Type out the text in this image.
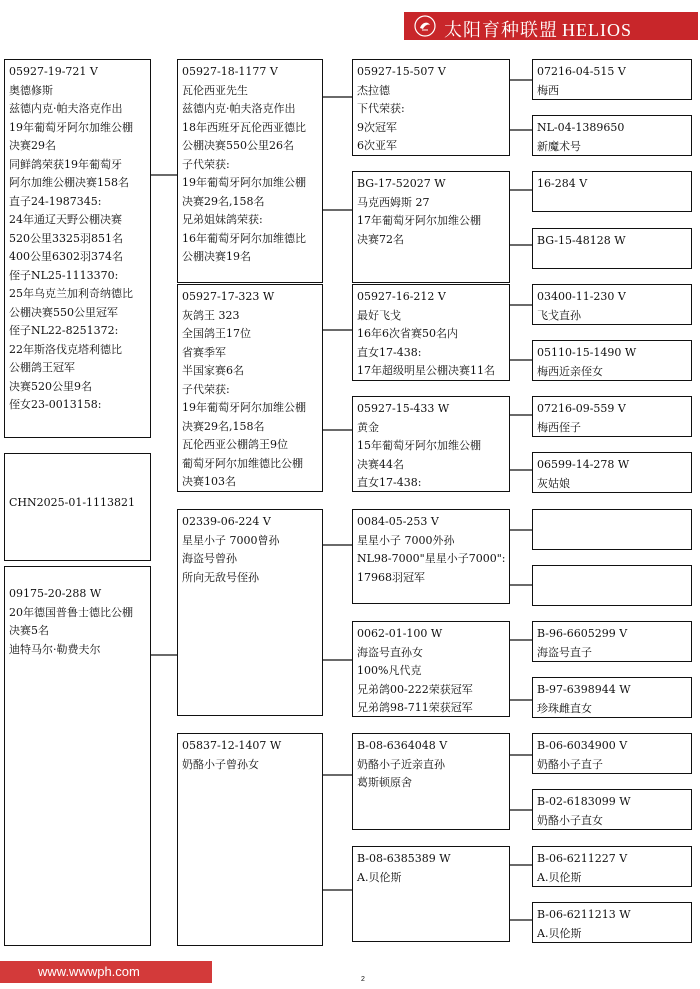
太阳育种联盟 HELIOS
05927-19-721 V
奥德修斯
兹德内克·帕夫洛克作出
19年葡萄牙阿尔加维公棚
决赛29名
同鲜鸽荣获19年葡萄牙
阿尔加维公棚决赛158名
直子24-1987345:
24年通辽天野公棚决赛
520公里3325羽851名
400公里6302羽374名
侄子NL25-1113370:
25年乌克兰加利奇纳德比
公棚决赛550公里冠军
侄子NL22-8251372:
22年斯洛伐克塔利德比
公棚鸽王冠军
决赛520公里9名
侄女23-0013158:
CHN2025-01-1113821
09175-20-288 W
20年德国普鲁士德比公棚
决赛5名
迪特马尔·勒费夫尔
05927-18-1177 V
瓦伦西亚先生
兹德内克·帕夫洛克作出
18年西班牙瓦伦西亚德比
公棚决赛550公里26名
子代荣获:
19年葡萄牙阿尔加维公棚
决赛29名,158名
兄弟姐妹鸽荣获:
16年葡萄牙阿尔加维德比
公棚决赛19名
05927-17-323 W
灰鸽王 323
全国鸽王17位
省赛季军
半国家赛6名
子代荣获:
19年葡萄牙阿尔加维公棚
决赛29名,158名
瓦伦西亚公棚鸽王9位
葡萄牙阿尔加维德比公棚
决赛103名
02339-06-224 V
星星小子 7000曾孙
海盗号曾孙
所向无敌号侄孙
05837-12-1407 W
奶酪小子曾孙女
05927-15-507 V
杰拉德
下代荣获:
9次冠军
6次亚军
BG-17-52027 W
马克西姆斯 27
17年葡萄牙阿尔加维公棚
决赛72名
05927-16-212 V
最好飞戈
16年6次省赛50名内
直女17-438:
17年超级明星公棚决赛11名
05927-15-433 W
黄金
15年葡萄牙阿尔加维公棚
决赛44名
直女17-438:
0084-05-253 V
星星小子 7000外孙
NL98-7000"星星小子7000":
17968羽冠军
0062-01-100 W
海盗号直孙女
100%凡代克
兄弟鸽00-222荣获冠军
兄弟鸽98-711荣获冠军
B-08-6364048 V
奶酪小子近亲直孙
葛斯顿原舍
B-08-6385389 W
A.贝伦斯
07216-04-515 V
梅西
NL-04-1389650
新魔术号
16-284 V
BG-15-48128 W
03400-11-230 V
飞戈直孙
05110-15-1490 W
梅西近亲侄女
07216-09-559 V
梅西侄子
06599-14-278 W
灰姑娘
B-96-6605299 V
海盗号直子
B-97-6398944 W
珍珠雌直女
B-06-6034900 V
奶酪小子直子
B-02-6183099 W
奶酪小子直女
B-06-6211227 V
A.贝伦斯
B-06-6211213 W
A.贝伦斯
www.wwwph.com
2
